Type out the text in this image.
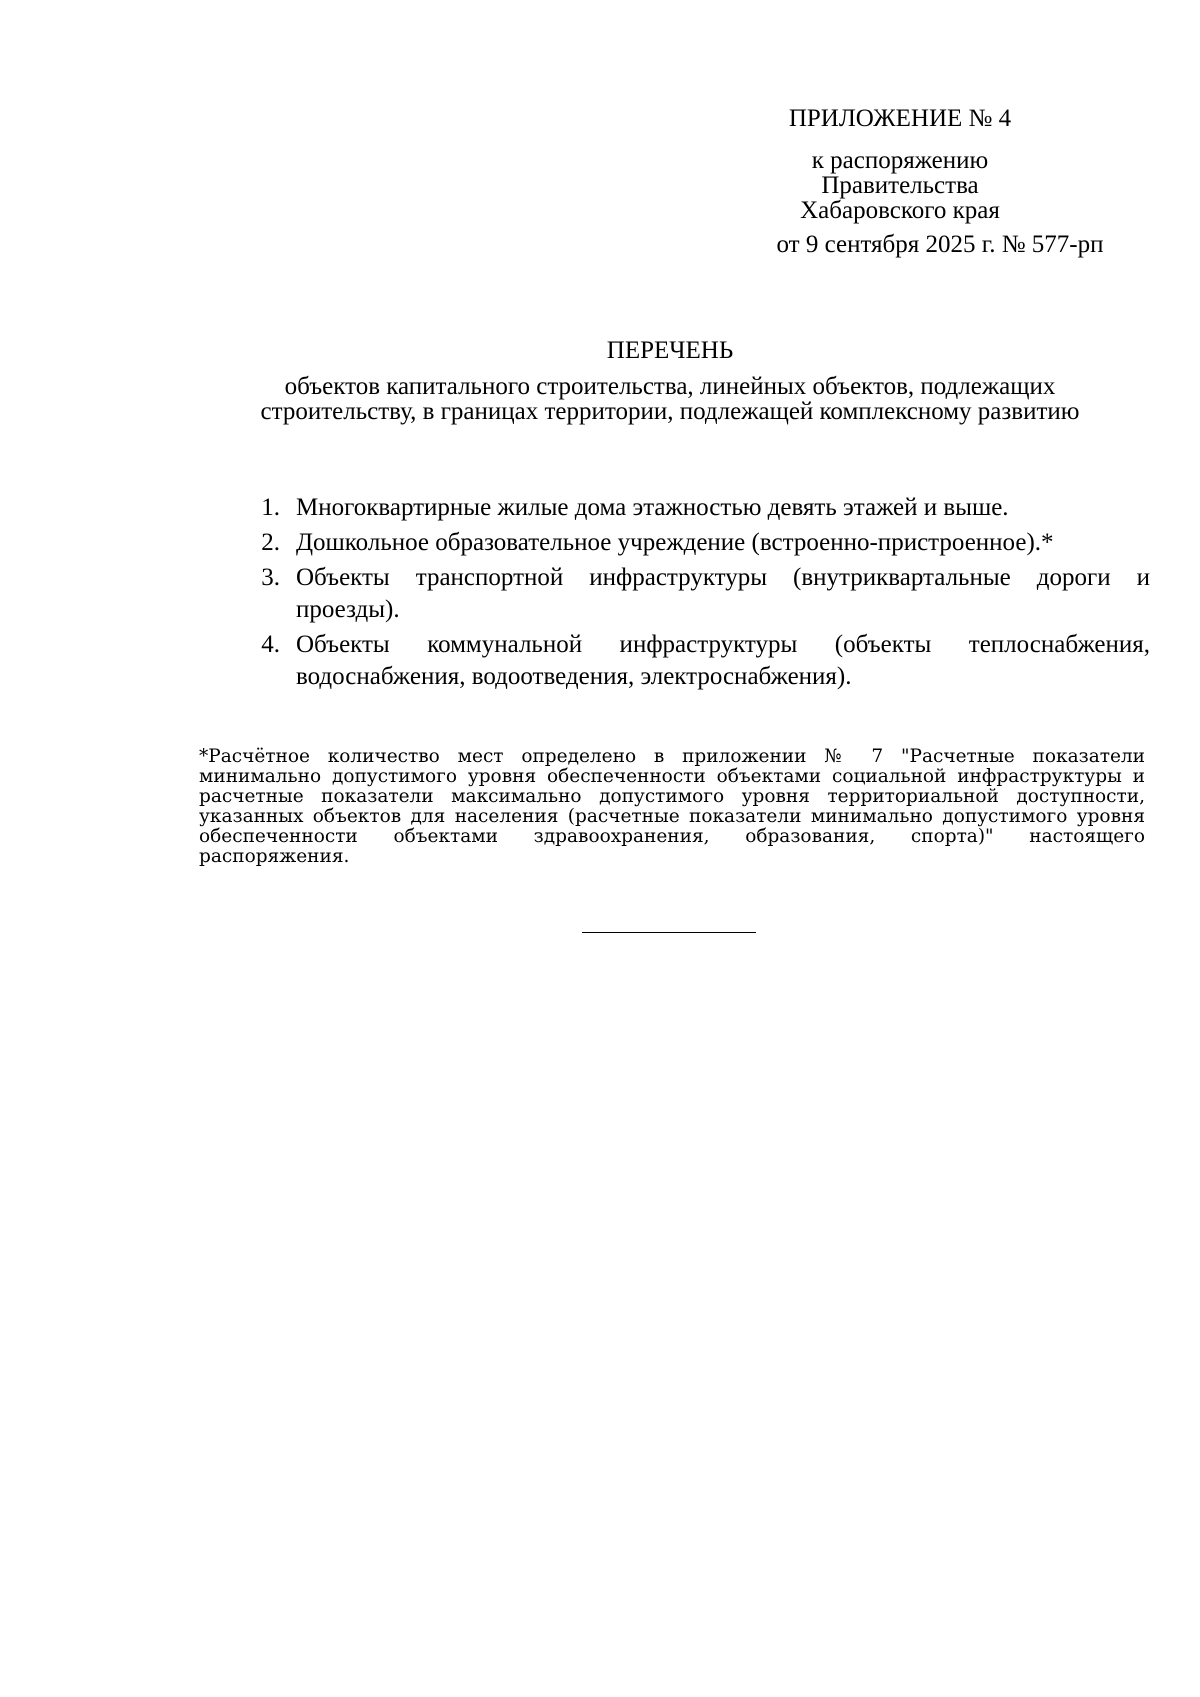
ПРИЛОЖЕНИЕ № 4
к распоряжению
Правительства
Хабаровского края
от 9 сентября 2025 г. № 577-рп
ПЕРЕЧЕНЬ
объектов капитального строительства, линейных объектов, подлежащих
строительству, в границах территории, подлежащей комплексному развитию
1. Многоквартирные жилые дома этажностью девять этажей и выше.
2. Дошкольное образовательное учреждение (встроенно-пристроенное).*
3. Объекты транспортной инфраструктуры (внутриквартальные дороги и проезды).
4. Объекты коммунальной инфраструктуры (объекты теплоснабжения, водоснабжения, водоотведения, электроснабжения).
*Расчётное количество мест определено в приложении № 7 "Расчетные показатели минимально допустимого уровня обеспеченности объектами социальной инфраструктуры и расчетные показатели максимально допустимого уровня территориальной доступности, указанных объектов для населения (расчетные показатели минимально допустимого уровня обеспеченности объектами здравоохранения, образования, спорта)" настоящего распоряжения.
